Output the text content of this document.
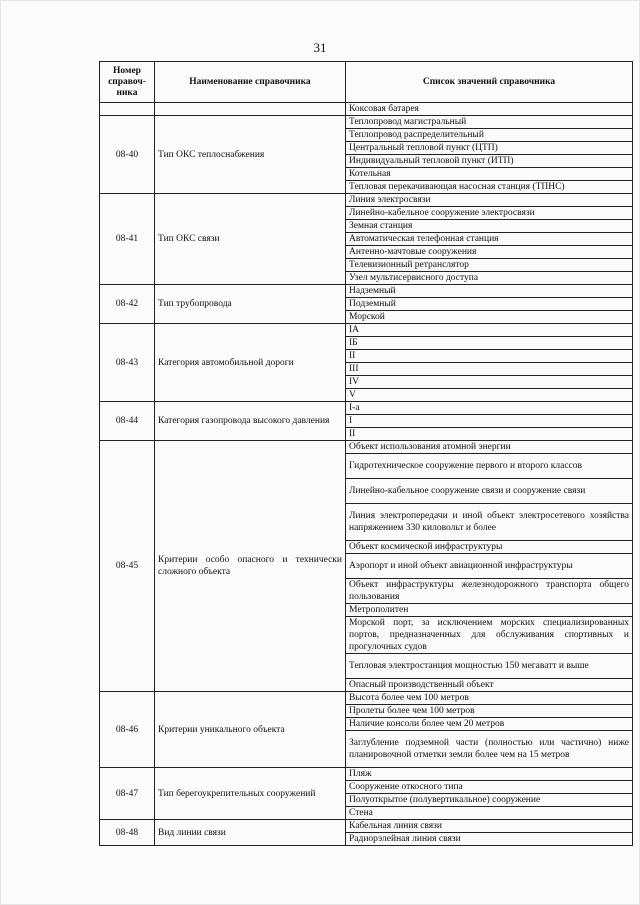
31
Номер справоч-ника	Наименование справочника	Список значений справочника
		Коксовая батарея
08-40	Тип ОКС теплоснабжения	Теплопровод магистральный
		Теплопровод распределительный
		Центральный тепловой пункт (ЦТП)
		Индивидуальный тепловой пункт (ИТП)
		Котельная
		Тепловая перекачивающая насосная станция (ТПНС)
08-41	Тип ОКС связи	Линия электросвязи
		Линейно-кабельное сооружение электросвязи
		Земная станция
		Автоматическая телефонная станция
		Антенно-мачтовые сооружения
		Телевизионный ретранслятор
		Узел мультисервисного доступа
08-42	Тип трубопровода	Надземный
		Подземный
		Морской
08-43	Категория автомобильной дороги	IА
		IБ
		II
		III
		IV
		V
08-44	Категория газопровода высокого давления	I-а
		I
		II
08-45	Критерии особо опасного и технически сложного объекта	Объект использования атомной энергии
		Гидротехническое сооружение первого и второго классов
		Линейно-кабельное сооружение связи и сооружение связи
		Линия электропередачи и иной объект электросетевого хозяйства напряжением 330 киловольт и более
		Объект космической инфраструктуры
		Аэропорт и иной объект авиационной инфраструктуры
		Объект инфраструктуры железнодорожного транспорта общего пользования
		Метрополитен
		Морской порт, за исключением морских специализированных портов, предназначенных для обслуживания спортивных и прогулочных судов
		Тепловая электростанция мощностью 150 мегаватт и выше
		Опасный производственный объект
08-46	Критерии уникального объекта	Высота более чем 100 метров
		Пролеты более чем 100 метров
		Наличие консоли более чем 20 метров
		Заглубление подземной части (полностью или частично) ниже планировочной отметки земли более чем на 15 метров
08-47	Тип берегоукрепительных сооружений	Пляж
		Сооружение откосного типа
		Полуоткрытое (полувертикальное) сооружение
		Стена
08-48	Вид линии связи	Кабельная линия связи
		Радиорэлейная линия связи
